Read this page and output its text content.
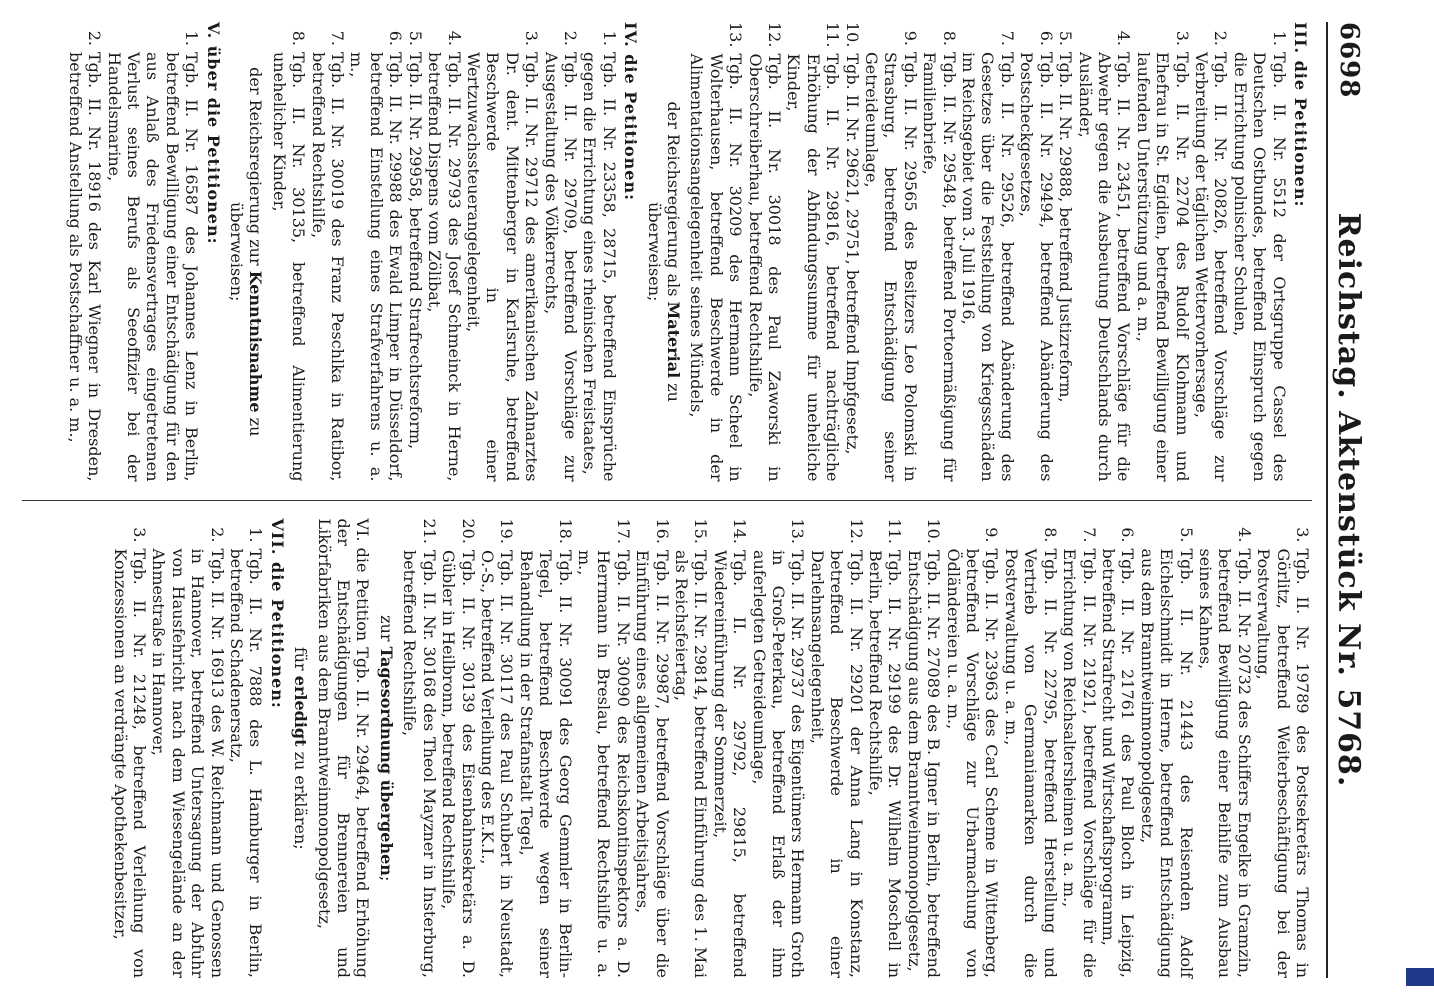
6698
Reichstag. Aktenstück Nr. 5768.
III. die Petitionen:
1.
Tgb. II. Nr. 5512 der Ortsgruppe Cassel des Deutschen Ostbundes, betreffend Einspruch gegen die Errichtung polnischer Schulen,
2.
Tgb. II. Nr. 20826, betreffend Vorschläge zur Verbreitung der täglichen Wettervorhersage,
3.
Tgb. II. Nr. 22704 des Rudolf Klohmann und Ehefrau in St. Egidien, betreffend Bewilligung einer laufenden Unterstützung und a. m.,
4.
Tgb. II. Nr. 23451, betreffend Vorschläge für die Abwehr gegen die Ausbeutung Deutschlands durch Ausländer,
5.
Tgb. II. Nr. 29888, betreffend Justizreform,
6.
Tgb. II. Nr. 29494, betreffend Abänderung des Postscheckgesetzes,
7.
Tgb. II. Nr. 29526, betreffend Abänderung des Gesetzes über die Feststellung von Kriegsschäden im Reichsgebiet vom 3. Juli 1916,
8.
Tgb. II. Nr. 29548, betreffend Portoermäßigung für Familienbriefe,
9.
Tgb. II. Nr. 29565 des Besitzers Leo Polomski in Strasburg, betreffend Entschädigung seiner Getreideumlage,
10.
Tgb. II. Nr. 29621, 29751, betreffend Impfgesetz,
11.
Tgb. II. Nr. 29816, betreffend nachträgliche Erhöhung der Abfindungssumme für uneheliche Kinder,
12.
Tgb. II. Nr. 30018 des Paul Zaworski in Oberschreiberhau, betreffend Rechtshilfe,
13.
Tgb. II. Nr. 30209 des Hermann Scheel in Wolterhausen, betreffend Beschwerde in der Alimentationsangelegenheit seines Mündels,
der Reichsregierung als Material zu überweisen;
IV. die Petitionen:
1.
Tgb. II. Nr. 23358, 28715, betreffend Einsprüche gegen die Errichtung eines rheinischen Freistaates,
2.
Tgb. II. Nr. 29709, betreffend Vorschläge zur Ausgestaltung des Völkerrechts,
3.
Tgb. II. Nr. 29712 des amerikanischen Zahnarztes Dr. dent. Mittenberger in Karlsruhe, betreffend Beschwerde in einer Wertzuwachssteuerangelegenheit,
4.
Tgb. II. Nr. 29793 des Josef Schmeinck in Herne, betreffend Dispens vom Zölibat,
5.
Tgb. II. Nr. 29958, betreffend Strafrechtsreform,
6.
Tgb. II. Nr. 29988 des Ewald Limper in Düsseldorf, betreffend Einstellung eines Strafverfahrens u. a. m.,
7.
Tgb. II. Nr. 30019 des Franz Peschlka in Ratibor, betreffend Rechtshilfe,
8.
Tgb. II. Nr. 30135, betreffend Alimentierung unehelicher Kinder,
der Reichsregierung zur Kenntnisnahme zu überweisen;
V. über die Petitionen:
1.
Tgb. II. Nr. 16587 des Johannes Lenz in Berlin, betreffend Bewilligung einer Entschädigung für den aus Anlaß des Friedensvertrages eingetretenen Verlust seines Berufs als Seeoffizier bei der Handelsmarine,
2.
Tgb. II. Nr. 18916 des Karl Wiegner in Dresden, betreffend Anstellung als Postschaffner u. a. m.,
3.
Tgb. II. Nr. 19789 des Postsekretärs Thomas in Görlitz, betreffend Weiterbeschäftigung bei der Postverwaltung,
4.
Tgb. II. Nr. 20732 des Schiffers Engelke in Gramzin, betreffend Bewilligung einer Beihilfe zum Ausbau seines Kahnes,
5.
Tgb. II. Nr. 21443 des Reisenden Adolf Eichelschmidt in Herne, betreffend Entschädigung aus dem Branntweinmonopolgesetz,
6.
Tgb. II. Nr. 21761 des Paul Bloch in Leipzig, betreffend Strafrecht und Wirtschaftsprogramm,
7.
Tgb. II. Nr. 21921, betreffend Vorschläge für die Errichtung von Reichsaltersheimen u. a. m.,
8.
Tgb. II. Nr. 22795, betreffend Herstellung und Vertrieb von Germaniamarken durch die Postverwaltung u. a. m.,
9.
Tgb. II. Nr. 23963 des Carl Scheme in Wittenberg, betreffend Vorschläge zur Urbarmachung von Ödländereien u. a. m.,
10.
Tgb. II. Nr. 27089 des B. Igner in Berlin, betreffend Entschädigung aus dem Branntweinmonopolgesetz,
11.
Tgb. II. Nr. 29199 des Dr. Wilhelm Moschell in Berlin, betreffend Rechtshilfe,
12.
Tgb. II. Nr. 29201 der Anna Lang in Konstanz, betreffend Beschwerde in einer Darlehnsangelegenheit,
13.
Tgb. II. Nr. 29737 des Eigentümers Hermann Groth in Groß-Peterkau, betreffend Erlaß der ihm auferlegten Getreideumlage,
14.
Tgb. II. Nr. 29792, 29815, betreffend Wiedereinführung der Sommerzeit,
15.
Tgb. II. Nr. 29814, betreffend Einführung des 1. Mai als Reichsfeiertag,
16.
Tgb. II. Nr. 29987, betreffend Vorschläge über die Einführung eines allgemeinen Arbeitsjahres,
17.
Tgb. II. Nr. 30090 des Reichskontinspektors a. D. Herrmann in Breslau, betreffend Rechtshilfe u. a. m.,
18.
Tgb. II. Nr. 30091 des Georg Gemmler in Berlin-Tegel, betreffend Beschwerde wegen seiner Behandlung in der Strafanstalt Tegel,
19.
Tgb. II. Nr. 30117 des Paul Schubert in Neustadt, O.-S., betreffend Verleihung des E.K.I.,
20.
Tgb. II. Nr. 30139 des Eisenbahnsekretärs a. D. Gübler in Heilbronn, betreffend Rechtshilfe,
21.
Tgb. II. Nr. 30168 des Theol Mayzner in Insterburg, betreffend Rechtshilfe,
zur Tagesordnung übergehen;
VI. die Petition Tgb. II. Nr. 29464, betreffend Erhöhung der Entschädigungen für Brennereien und Likörfabriken aus dem Branntweinmonopolgesetz,
für erledigt zu erklären;
VII. die Petitionen:
1.
Tgb. II. Nr. 7888 des L. Hamburger in Berlin, betreffend Schadenersatz,
2.
Tgb. II. Nr. 16913 des W. Reichmann und Genossen in Hannover, betreffend Untersagung der Abfuhr von Hausfehricht nach dem Wiesengelände an der Ahmestraße in Hannover,
3.
Tgb. II. Nr. 21248, betreffend Verleihung von Konzessionen an verdrängte Apothekenbesitzer,
